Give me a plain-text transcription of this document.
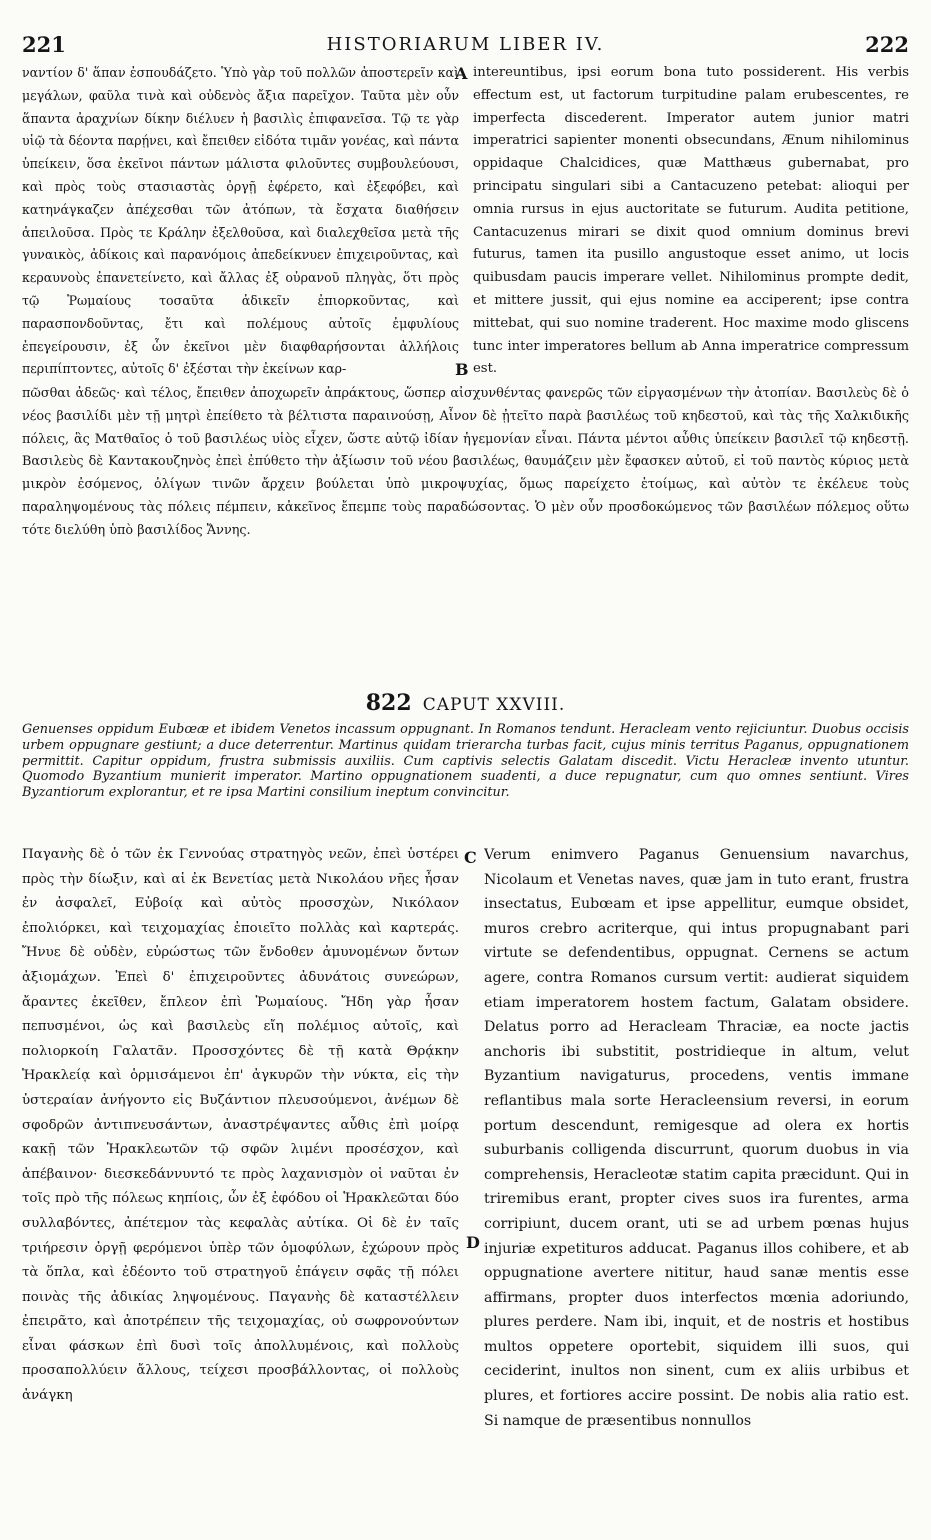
221	HISTORIARUM LIBER IV.	222

ναντίον δ' ἅπαν ἐσπουδάζετο. Ὑπὸ γὰρ τοῦ πολλῶν ἀποστερεῖν καὶ μεγάλων, φαῦλα τινὰ καὶ οὐδενὸς ἄξια παρεῖχον. Ταῦτα μὲν οὖν ἅπαντα ἀραχνίων δίκην διέλυεν ἡ βασιλὶς ἐπιφανεῖσα. Τῷ τε γὰρ υἱῷ τὰ δέοντα παρῄνει, καὶ ἔπειθεν εἰδότα τιμᾶν γονέας, καὶ πάντα ὑπείκειν, ὅσα ἐκεῖνοι πάντων μάλιστα φιλοῦντες συμβουλεύουσι, καὶ πρὸς τοὺς στασιαστὰς ὀργῇ ἐφέρετο, καὶ ἐξεφόβει, καὶ κατηνάγκαζεν ἀπέχεσθαι τῶν ἀτόπων, τὰ ἔσχατα διαθήσειν ἀπειλοῦσα. Πρὸς τε Κράλην ἐξελθοῦσα, καὶ διαλεχθεῖσα μετὰ τῆς γυναικὸς, ἀδίκοις καὶ παρανόμοις ἀπεδείκνυεν ἐπιχειροῦντας, καὶ κεραυνοὺς ἐπανετείνετο, καὶ ἄλλας ἐξ οὐρανοῦ πληγὰς, ὅτι πρὸς τῷ Ῥωμαίους τοσαῦτα ἀδικεῖν ἐπιορκοῦντας, καὶ παρασπονδοῦντας, ἔτι καὶ πολέμους αὐτοῖς ἐμφυλίους ἐπεγείρουσιν, ἐξ ὧν ἐκεῖνοι μὲν διαφθαρήσονται ἀλλήλοις περιπίπτοντες, αὐτοῖς δ' ἐξέσται τὴν ἐκείνων καρ-

A intereuntibus, ipsi eorum bona tuto possiderent. His verbis effectum est, ut factorum turpitudine palam erubescentes, re imperfecta discederent. Imperator autem junior matri imperatrici sapienter monenti obsecundans, Ænum nihilominus oppidaque Chalcidices, quæ Matthæus gubernabat, pro principatu singulari sibi a Cantacuzeno petebat: alioqui per omnia rursus in ejus auctoritate se futurum. Audita petitione, Cantacuzenus mirari se dixit quod omnium dominus brevi futurus, tamen ita pusillo angustoque esset animo, ut locis quibusdam paucis imperare vellet. Nihilominus prompte dedit, et mittere jussit, qui ejus nomine ea acciperent; ipse contra mittebat, qui suo nomine traderent. Hoc maxime modo gliscens tunc inter imperatores bellum ab Anna imperatrice compressum est.

B

πῶσθαι ἀδεῶς· καὶ τέλος, ἔπειθεν ἀποχωρεῖν ἀπράκτους, ὥσπερ αἰσχυνθέντας φανερῶς τῶν εἰργασμένων τὴν ἀτοπίαν. Βασιλεὺς δὲ ὁ νέος βασιλίδι μὲν τῇ μητρὶ ἐπείθετο τὰ βέλτιστα παραινούσῃ, Αἶνον δὲ ᾐτεῖτο παρὰ βασιλέως τοῦ κηδεστοῦ, καὶ τὰς τῆς Χαλκιδικῆς πόλεις, ἃς Ματθαῖος ὁ τοῦ βασιλέως υἱὸς εἶχεν, ὥστε αὐτῷ ἰδίαν ἡγεμονίαν εἶναι. Πάντα μέντοι αὖθις ὑπείκειν βασιλεῖ τῷ κηδεστῇ. Βασιλεὺς δὲ Καντακουζηνὸς ἐπεὶ ἐπύθετο τὴν ἀξίωσιν τοῦ νέου βασιλέως, θαυμάζειν μὲν ἔφασκεν αὐτοῦ, εἰ τοῦ παντὸς κύριος μετὰ μικρὸν ἐσόμενος, ὀλίγων τινῶν ἄρχειν βούλεται ὑπὸ μικροψυχίας, ὅμως παρείχετο ἑτοίμως, καὶ αὐτὸν τε ἐκέλευε τοὺς παραληψομένους τὰς πόλεις πέμπειν, κἀκεῖνος ἔπεμπε τοὺς παραδώσοντας. Ὁ μὲν οὖν προσδοκώμενος τῶν βασιλέων πόλεμος οὕτω τότε διελύθη ὑπὸ βασιλίδος Ἄννης.

822 CAPUT XXVIII.
Genuenses oppidum Eubœæ et ibidem Venetos incassum oppugnant. In Romanos tendunt. Heracleam vento rejiciuntur. Duobus occisis urbem oppugnare gestiunt; a duce deterrentur. Martinus quidam trierarcha turbas facit, cujus minis territus Paganus, oppugnationem permittit. Capitur oppidum, frustra submissis auxiliis. Cum captivis selectis Galatam discedit. Victu Heracleæ invento utuntur. Quomodo Byzantium munierit imperator. Martino oppugnationem suadenti, a duce repugnatur, cum quo omnes sentiunt. Vires Byzantiorum explorantur, et re ipsa Martini consilium ineptum convincitur.

Παγανὴς δὲ ὁ τῶν ἐκ Γεννούας στρατηγὸς νεῶν, ἐπεὶ ὑστέρει πρὸς τὴν δίωξιν, καὶ αἱ ἐκ Βενετίας μετὰ Νικολάου νῆες ἦσαν ἐν ἀσφαλεῖ, Εὐβοίᾳ καὶ αὐτὸς προσσχὼν, Νικόλαον ἐπολιόρκει, καὶ τειχομαχίας ἐποιεῖτο πολλὰς καὶ καρτεράς. Ἤνυε δὲ οὐδὲν, εὐρώστως τῶν ἔνδοθεν ἀμυνομένων ὄντων ἀξιομάχων. Ἐπεὶ δ' ἐπιχειροῦντες ἀδυνάτοις συνεώρων, ἄραντες ἐκεῖθεν, ἔπλεον ἐπὶ Ῥωμαίους. Ἤδη γὰρ ἦσαν πεπυσμένοι, ὡς καὶ βασιλεὺς εἴη πολέμιος αὐτοῖς, καὶ πολιορκοίη Γαλατᾶν. Προσσχόντες δὲ τῇ κατὰ Θρᾴκην Ἡρακλείᾳ καὶ ὁρμισάμενοι ἐπ' ἀγκυρῶν τὴν νύκτα, εἰς τὴν ὑστεραίαν ἀνήγοντο εἰς Βυζάντιον πλευσούμενοι, ἀνέμων δὲ σφοδρῶν ἀντιπνευσάντων, ἀναστρέψαντες αὖθις ἐπὶ μοίρᾳ κακῇ τῶν Ἡρακλεωτῶν τῷ σφῶν λιμένι προσέσχον, καὶ ἀπέβαινον· διεσκεδάννυντό τε πρὸς λαχανισμὸν οἱ ναῦται ἐν τοῖς πρὸ τῆς πόλεως κηπίοις, ὧν ἐξ ἐφόδου οἱ Ἡρακλεῶται δύο συλλαβόντες, ἀπέτεμον τὰς κεφαλὰς αὐτίκα. Οἱ δὲ ἐν ταῖς τριήρεσιν ὀργῇ φερόμενοι ὑπὲρ τῶν ὁμοφύλων, ἐχώρουν πρὸς τὰ ὅπλα, καὶ ἐδέοντο τοῦ στρατηγοῦ ἐπάγειν σφᾶς τῇ πόλει ποινὰς τῆς ἀδικίας ληψομένους. Παγανὴς δὲ καταστέλλειν ἐπειρᾶτο, καὶ ἀποτρέπειν τῆς τειχομαχίας, οὐ σωφρονούντων εἶναι φάσκων ἐπὶ δυσὶ τοῖς ἀπολλυμένοις, καὶ πολλοὺς προσαπολλύειν ἄλλους, τείχεσι προσβάλλοντας, οἱ πολλοὺς ἀνάγκη

C Verum enimvero Paganus Genuensium navarchus, Nicolaum et Venetas naves, quæ jam in tuto erant, frustra insectatus, Eubœam et ipse appellitur, eumque obsidet, muros crebro acriterque, qui intus propugnabant pari virtute se defendentibus, oppugnat. Cernens se actum agere, contra Romanos cursum vertit: audierat siquidem etiam imperatorem hostem factum, Galatam obsidere. Delatus porro ad Heracleam Thraciæ, ea nocte jactis anchoris ibi substitit, postridieque in altum, velut Byzantium navigaturus, procedens, ventis immane reflantibus mala sorte Heracleensium reversi, in eorum portum descendunt, remigesque ad olera ex hortis suburbanis colligenda discurrunt, quorum duobus in via comprehensis, Heracleotæ statim capita præcidunt. Qui in triremibus erant, propter cives suos ira furentes, arma corripiunt, ducem orant, uti se ad urbem pœnas hujus injuriæ expetituros adducat. Paganus illos cohibere, et ab oppugnatione avertere nititur, haud sanæ mentis esse affirmans, propter duos interfectos mœnia adoriundo, plures perdere. Nam ibi, inquit, et de nostris et hostibus multos oppetere oportebit, siquidem illi suos, qui ceciderint, inultos non sinent, cum ex aliis urbibus et plures, et fortiores accire possint. De nobis alia ratio est. Si namque de præsentibus nonnullos

D
